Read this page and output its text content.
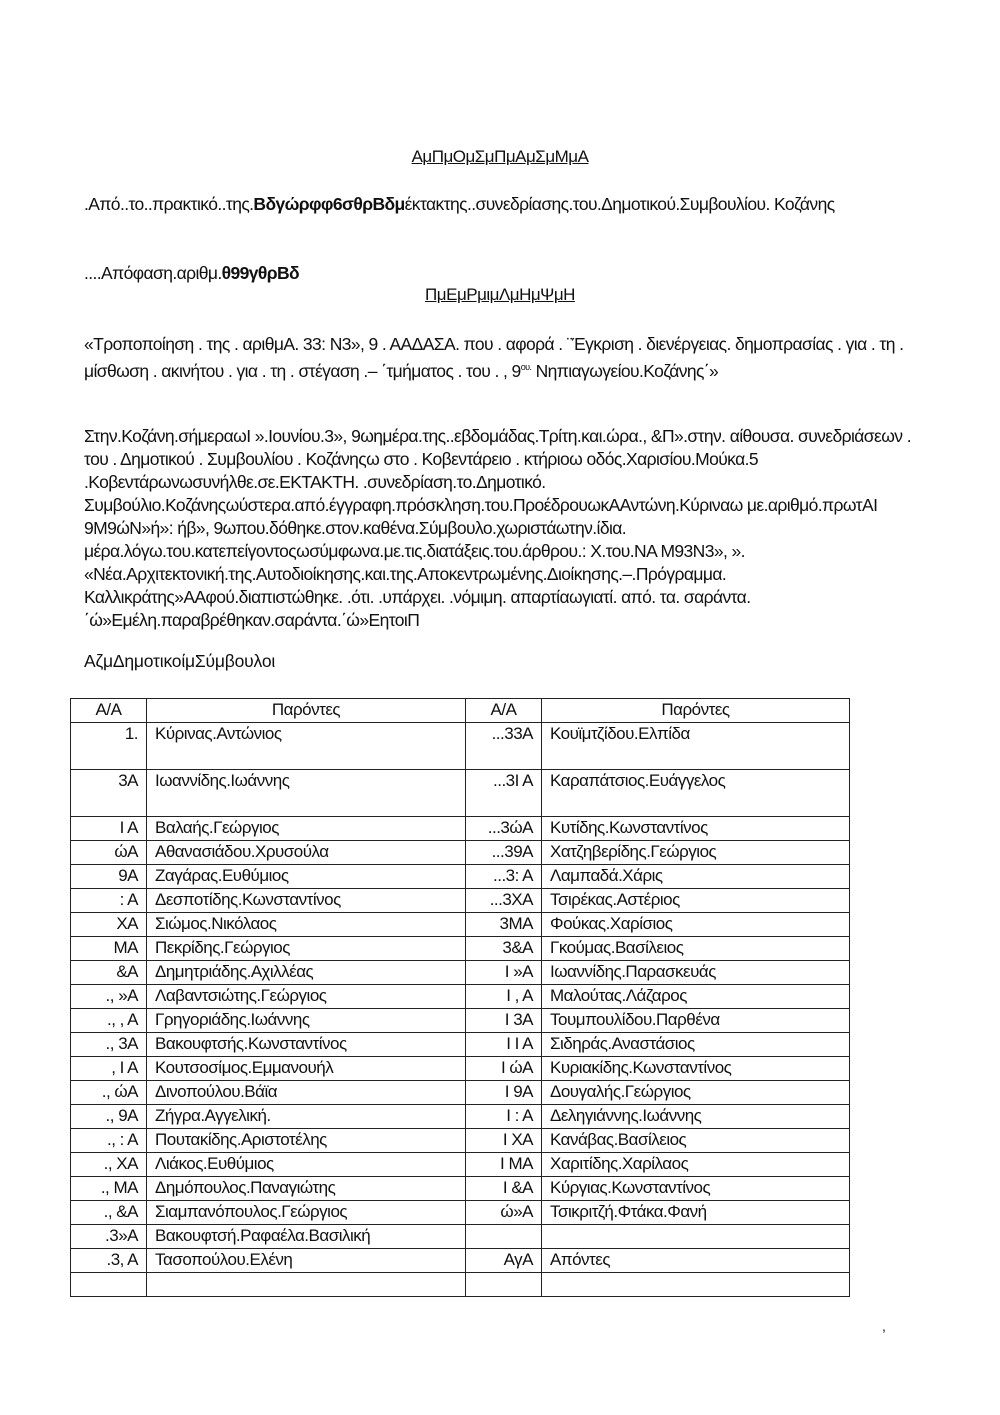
ΑμΠμΟμΣμΠμΑμΣμΜμΑ
.Από..το..πρακτικό..της.Βδγώρφφ6σθρΒδμέκτακτης..συνεδρίασης.του.Δημοτικού.Συμβουλίου. Κοζάνης
....Απόφαση.αριθμ.θ99γθρΒδ
ΠμΕμΡμιμΛμΗμΨμΗ
«Τροποποίηση . της . αριθμΑ. 33: Ν3», 9 . ΑΑΔΑΣΑ. που . αφορά . ¨Έγκριση . διενέργειας. δημοπρασίας . για . τη . μίσθωση . ακινήτου . για . τη . στέγαση .– ΄τμήματος . του . , $9^{o\upsilon.}$ Νηπιαγωγείου.Κοζάνης΄»
Στην.Κοζάνη.σήμεραωΙ ».Ιουνίου.3», 9ωημέρα.της..εβδομάδας.Τρίτη.και.ώρα., &Π».στην. αίθουσα. συνεδριάσεων . του . Δημοτικού . Συμβουλίου . Κοζάνηςω στο . Κοβεντάρειο . κτήριοω οδός.Χαρισίου.Μούκα.5 .Κοβεντάρωνωσυνήλθε.σε.ΕΚΤΑΚΤΗ. .συνεδρίαση.το.Δημοτικό. Συμβούλιο.Κοζάνηςωύστερα.από.έγγραφη.πρόσκληση.του.ΠροέδρουωκΑΑντώνη.Κύριναω με.αριθμό.πρωτΑΙ 9Μ9ώΝ»ή»: ήβ», 9ωπου.δόθηκε.στον.καθένα.Σύμβουλο.χωριστάωτην.ίδια. μέρα.λόγω.του.κατεπείγοντοςωσύμφωνα.με.τις.διατάξεις.του.άρθρου.: Χ.του.ΝΑ Μ93Ν3», ». «Νέα.Αρχιτεκτονική.της.Αυτοδιοίκησης.και.της.Αποκεντρωμένης.Διοίκησης.–.Πρόγραμμα. Καλλικράτης»ΑΑφού.διαπιστώθηκε. .ότι. .υπάρχει. .νόμιμη. απαρτίαωγιατί. από. τα. σαράντα. ΄ώ»Εμέλη.παραβρέθηκαν.σαράντα.΄ώ»ΕητοιΠ
ΑζμΔημοτικοίμΣύμβουλοι
Α/Α	Παρόντες	Α/Α	Παρόντες
1.	Κύρινας.Αντώνιος	...33Α	Κουϊμτζίδου.Ελπίδα
3Α	Ιωαννίδης.Ιωάννης	...3Ι Α	Καραπάτσιος.Ευάγγελος
Ι Α	Βαλαής.Γεώργιος	...3ώΑ	Κυτίδης.Κωνσταντίνος
ώΑ	Αθανασιάδου.Χρυσούλα	...39Α	Χατζηβερίδης.Γεώργιος
9Α	Ζαγάρας.Ευθύμιος	...3: Α	Λαμπαδά.Χάρις
: Α	Δεσποτίδης.Κωνσταντίνος	...3ΧΑ	Τσιρέκας.Αστέριος
ΧΑ	Σιώμος.Νικόλαος	3ΜΑ	Φούκας.Χαρίσιος
ΜΑ	Πεκρίδης.Γεώργιος	3&Α	Γκούμας.Βασίλειος
&Α	Δημητριάδης.Αχιλλέας	Ι »Α	Ιωαννίδης.Παρασκευάς
., »Α	Λαβαντσιώτης.Γεώργιος	Ι , Α	Μαλούτας.Λάζαρος
., , Α	Γρηγοριάδης.Ιωάννης	Ι 3Α	Τουμπουλίδου.Παρθένα
., 3Α	Βακουφτσής.Κωνσταντίνος	Ι Ι Α	Σιδηράς.Αναστάσιος
, Ι Α	Κουτσοσίμος.Εμμανουήλ	Ι ώΑ	Κυριακίδης.Κωνσταντίνος
., ώΑ	Δινοπούλου.Βάϊα	Ι 9Α	Δουγαλής.Γεώργιος
., 9Α	Ζήγρα.Αγγελική.	Ι : Α	Δεληγιάννης.Ιωάννης
., : Α	Πουτακίδης.Αριστοτέλης	Ι ΧΑ	Κανάβας.Βασίλειος
., ΧΑ	Λιάκος.Ευθύμιος	Ι ΜΑ	Χαριτίδης.Χαρίλαος
., ΜΑ	Δημόπουλος.Παναγιώτης	Ι &Α	Κύργιας.Κωνσταντίνος
., &Α	Σιαμπανόπουλος.Γεώργιος	ώ»Α	Τσικριτζή.Φτάκα.Φανή
.3»Α	Βακουφτσή.Ραφαέλα.Βασιλική		
.3, Α	Τασοπούλου.Ελένη	ΑγΑ	Απόντες

,
